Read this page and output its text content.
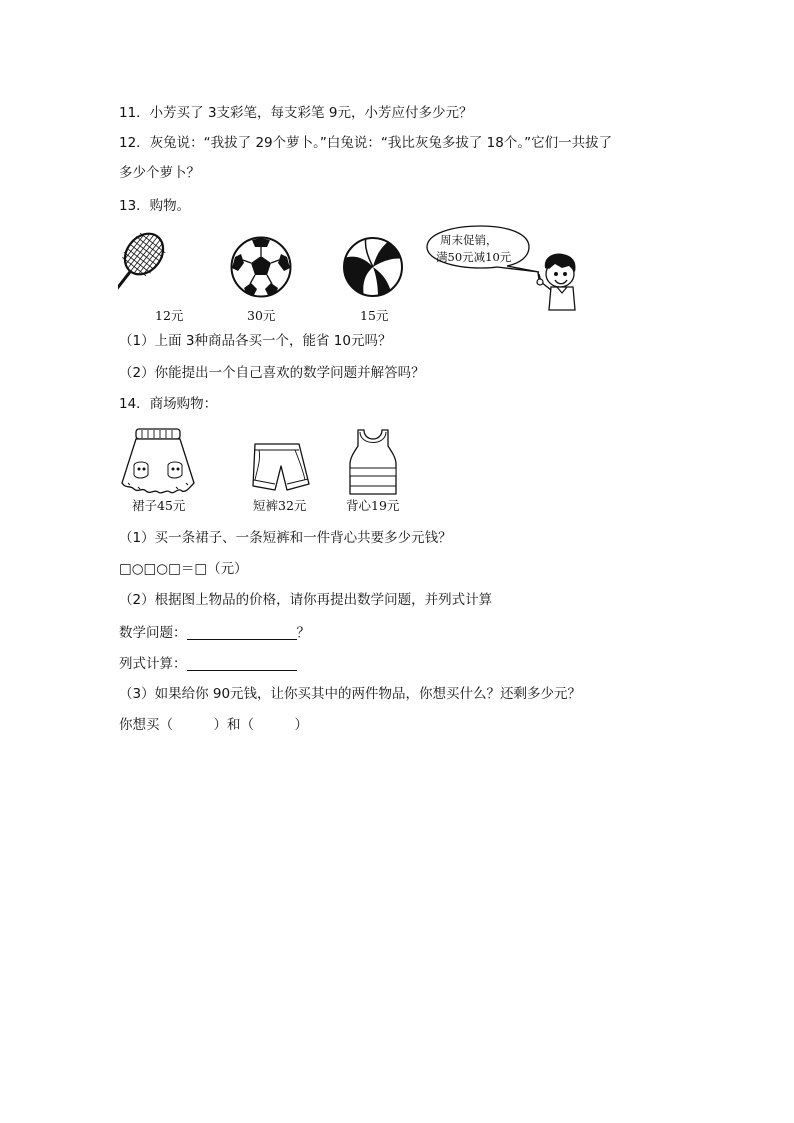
11．小芳买了 3支彩笔，每支彩笔 9元，小芳应付多少元？
12．灰兔说：“我拔了 29个萝卜。”白兔说：“我比灰兔多拔了 18个。”它们一共拔了
多少个萝卜？
13．购物。
12元	30元	15元
周末促销，
满50元减10元
（1）上面 3种商品各买一个，能省 10元吗？
（2）你能提出一个自己喜欢的数学问题并解答吗？
14．商场购物：
裙子45元	短裤32元	背心19元
（1）买一条裙子、一条短裤和一件背心共要多少元钱？
□○□○□＝□（元）
（2）根据图上物品的价格，请你再提出数学问题，并列式计算
数学问题：	？
列式计算：
（3）如果给你 90元钱，让你买其中的两件物品，你想买什么？还剩多少元？
你想买（　　　）和（　　　）
